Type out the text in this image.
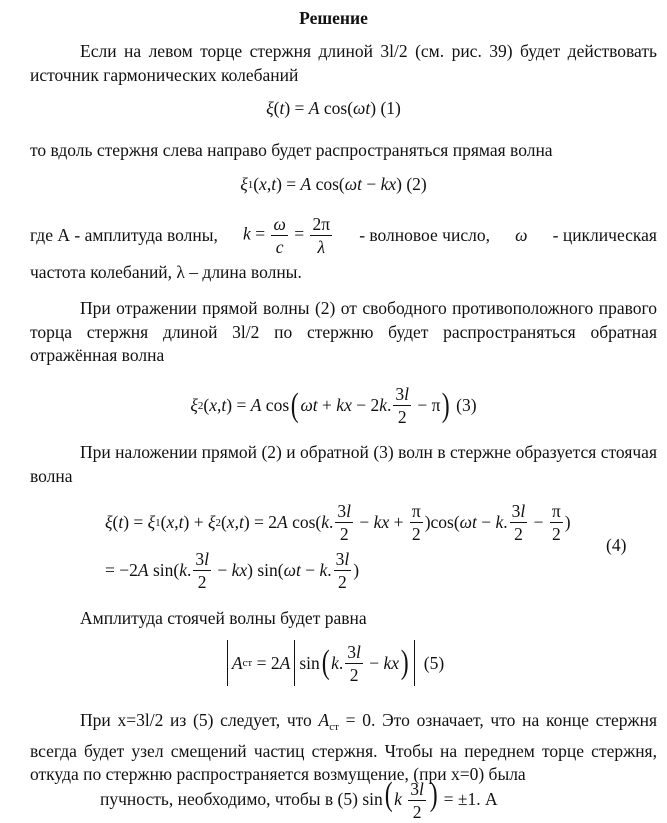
Решение
Если на левом торце стержня длиной 3l/2 (см. рис. 39) будет действовать источник гармонических колебаний
ξ ( t ) = A cos( ωt ) (1)
то вдоль стержня слева направо будет распространяться прямая волна
ξ 1 ( x , t ) = A cos( ωt − kx ) (2)
где А - амплитуда волны, $k = \frac{\omega}{c} = \frac{2\pi}{\lambda}$ - волновое число, ω - циклическая
частота колебаний, λ – длина волны.
При отражении прямой волны (2) от свободного противоположного правого торца стержня длиной 3l/2 по стержню будет распространяться обратная отражённая волна
ξ 2 ( x , t ) = A cos ( ωt + kx − 2 k . $\frac{3l}{2} - \pi$ ) (3)
При наложении прямой (2) и обратной (3) волн в стержне образуется стоячая волна
ξ ( t ) = ξ 1 ( x , t ) + ξ 2 ( x , t ) = 2 A cos( k . $\frac{3l}{2}$ − kx + $\frac{\pi}{2} )\cos$( ωt − k . $\frac{3l}{2} - \frac{\pi}{2}$ )
= −2 A sin( k . $\frac{3l}{2}$ − kx ) sin( ωt − k . $\frac{3l}{2}$ )
(4)
Амплитуда стоячей волны будет равна
A ст = 2 A sin ( k . $\frac{3l}{2}$ − kx ) (5)
При x=3l/2 из (5) следует, что $A_{ст} = 0$. Это означает, что на конце стержня всегда будет узел смещений частиц стержня. Чтобы на переднем торце стержня, откуда по стержню распространяется возмущение, (при x=0) была
пучность, необходимо, чтобы в (5) $\sin(k \frac{3l}{2}$ ) = ±1. А
